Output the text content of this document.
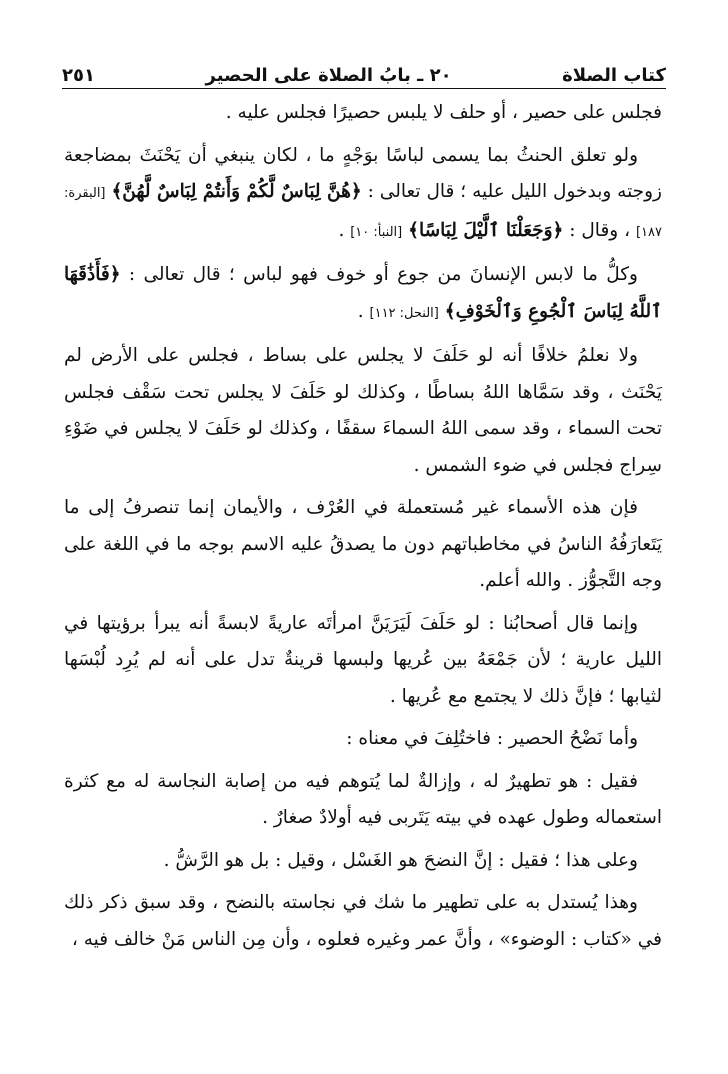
كتاب الصلاة
٢٠ ـ بابُ الصلاة على الحصير
٢٥١

فجلس على حصير ، أو حلف لا يلبس حصيرًا فجلس عليه .

ولو تعلق الحنثُ بما يسمى لباسًا بوَجْهٍ ما ، لكان ينبغي أن يَحْنَثَ بمضاجعة زوجته وبدخول الليل عليه ؛ قال تعالى : ﴿هُنَّ لِبَاسٌ لَّكُمْ وَأَنتُمْ لِبَاسٌ لَّهُنَّ﴾ [البقرة: ١٨٧] ، وقال : ﴿وَجَعَلْنَا ٱلَّيْلَ لِبَاسًا﴾ [النبأ: ١٠] .

وكلُّ ما لابس الإنسانَ من جوع أو خوف فهو لباس ؛ قال تعالى : ﴿فَأَذَٰقَهَا ٱللَّهُ لِبَاسَ ٱلْجُوعِ وَٱلْخَوْفِ﴾ [النحل: ١١٢] .

ولا نعلمُ خلافًا أنه لو حَلَفَ لا يجلس على بساط ، فجلس على الأرض لم يَحْنَث ، وقد سَمَّاها اللهُ بساطًا ، وكذلك لو حَلَفَ لا يجلس تحت سَقْف فجلس تحت السماء ، وقد سمى اللهُ السماءَ سقفًا ، وكذلك لو حَلَفَ لا يجلس في ضَوْءِ سِراج فجلس في ضوء الشمس .

فإن هذه الأسماء غير مُستعملة في العُرْف ، والأيمان إنما تنصرفُ إلى ما يَتَعارَفُهُ الناسُ في مخاطباتهم دون ما يصدقُ عليه الاسم بوجه ما في اللغة على وجه التَّجوُّز . والله أعلم.

وإنما قال أصحابُنا : لو حَلَفَ لَيَرَيَنَّ امرأتَه عاريةً لابسةً أنه يبرأ برؤيتها في الليل عارية ؛ لأن جَمْعَهُ بين عُريها ولبسها قرينةٌ تدل على أنه لم يُرِد لُبْسَها لثيابها ؛ فإنَّ ذلك لا يجتمع مع عُريها .

وأما نَضْحُ الحصير : فاختُلِفَ في معناه :

فقيل : هو تطهيرٌ له ، وإزالةٌ لما يُتوهم فيه من إصابة النجاسة له مع كثرة استعماله وطول عهده في بيته يَتَربى فيه أولادٌ صغارٌ .

وعلى هذا ؛ فقيل : إنَّ النضحَ هو الغَسْل ، وقيل : بل هو الرَّشُّ .

وهذا يُستدل به على تطهير ما شك في نجاسته بالنضح ، وقد سبق ذكر ذلك في «كتاب : الوضوء» ، وأنَّ عمر وغيره فعلوه ، وأن مِن الناس مَنْ خالف فيه ،
